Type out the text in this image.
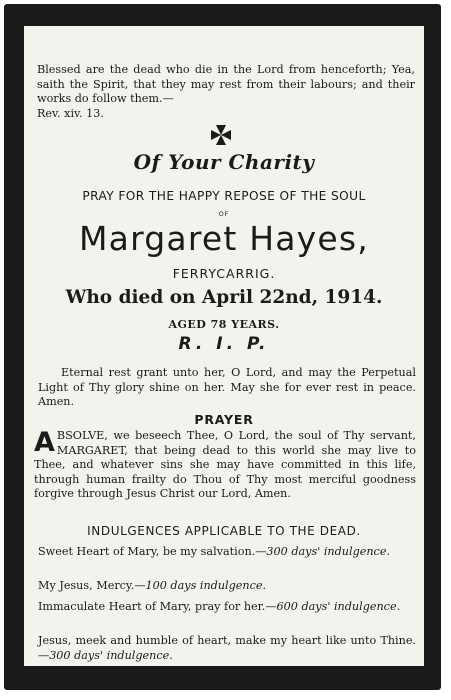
Blessed are the dead who die in the Lord from henceforth; Yea, saith the Spirit, that they may rest from their labours; and their works do follow them.—
Rev. xiv. 13.
Of Your Charity
PRAY FOR THE HAPPY REPOSE OF THE SOUL
OF
Margaret Hayes,
FERRYCARRIG.
Who died on April 22nd, 1914.
AGED 78 YEARS.
R. I. P.
Eternal rest grant unto her, O Lord, and may the Perpetual Light of Thy glory shine on her. May she for ever rest in peace. Amen.
PRAYER
A BSOLVE, we beseech Thee, O Lord, the soul of Thy servant, MARGARET, that being dead to this world she may live to Thee, and whatever sins she may have committed in this life, through human frailty do Thou of Thy most merciful goodness forgive through Jesus Christ our Lord, Amen.
INDULGENCES APPLICABLE TO THE DEAD.
Sweet Heart of Mary, be my salvation.—300 days' indulgence.
My Jesus, Mercy.—100 days indulgence.
Immaculate Heart of Mary, pray for her.—600 days' indulgence.
Jesus, meek and humble of heart, make my heart like unto Thine.—300 days' indulgence.
